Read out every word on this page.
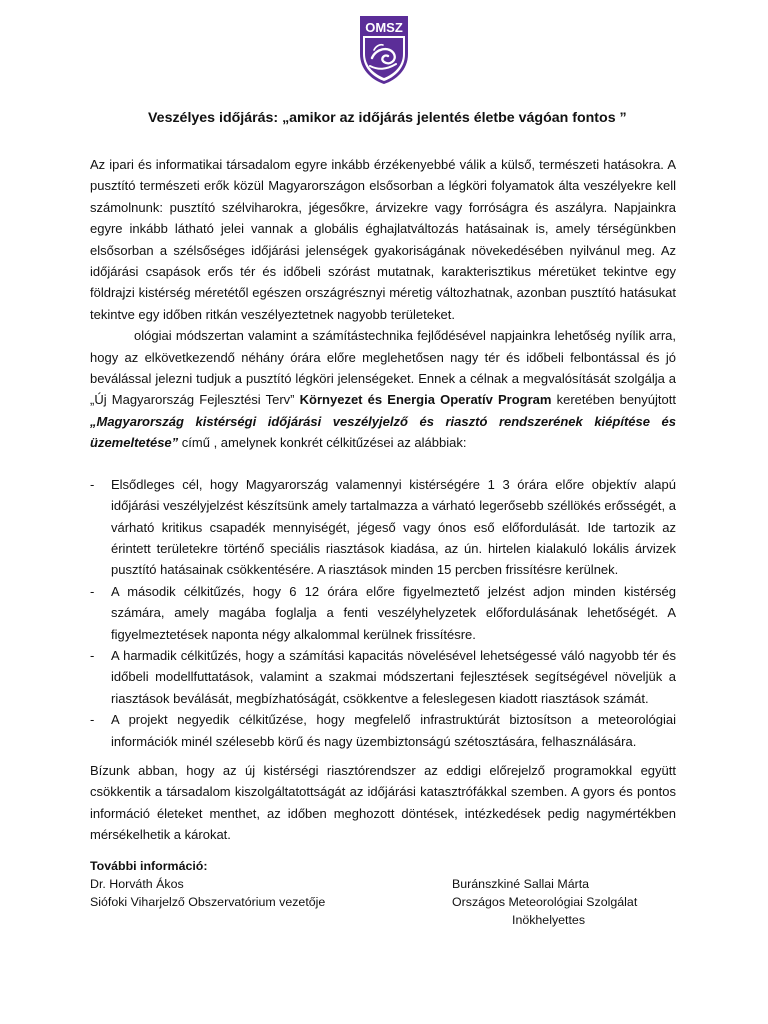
OMSZ
Veszélyes időjárás: „amikor az időjárás jelentés életbe vágóan fontos ”

Az ipari és informatikai társadalom egyre inkább érzékenyebbé válik a külső, természeti hatásokra. A pusztító természeti erők közül Magyarországon elsősorban a légköri folyamatok álta veszélyekre kell számolnunk: pusztító szélviharokra, jégesőkre, árvizekre vagy forróságra és aszályra. Napjainkra egyre inkább látható jelei vannak a globális éghajlatváltozás hatásainak is, amely térségünkben elsősorban a szélsőséges időjárási jelenségek gyakoriságának növekedésében nyilvánul meg. Az időjárási csapások erős tér és időbeli szórást mutatnak, karakterisztikus méretüket tekintve egy földrajzi kistérség méretétől egészen országrésznyi méretig változhatnak, azonban pusztító hatásukat tekintve egy időben ritkán veszélyeztetnek nagyobb területeket.

ológiai módszertan valamint a számítástechnika fejlődésével napjainkra lehetőség nyílik arra, hogy az elkövetkezendő néhány órára előre meglehetősen nagy tér és időbeli felbontással és jó beválással jelezni tudjuk a pusztító légköri jelenségeket. Ennek a célnak a megvalósítását szolgálja a „Új Magyarország Fejlesztési Terv” Környezet és Energia Operatív Program keretében benyújtott „Magyarország kistérségi időjárási veszélyjelző és riasztó rendszerének kiépítése és üzemeltetése” című , amelynek konkrét célkitűzései az alábbiak:

- Elsődleges cél, hogy Magyarország valamennyi kistérségére 1 3 órára előre objektív alapú időjárási veszélyjelzést készítsünk amely tartalmazza a várható legerősebb széllökés erősségét, a várható kritikus csapadék mennyiségét, jégeső vagy ónos eső előfordulását. Ide tartozik az érintett területekre történő speciális riasztások kiadása, az ún. hirtelen kialakuló lokális árvizek pusztító hatásainak csökkentésére. A riasztások minden 15 percben frissítésre kerülnek.
- A második célkitűzés, hogy 6 12 órára előre figyelmeztető jelzést adjon minden kistérség számára, amely magába foglalja a fenti veszélyhelyzetek előfordulásának lehetőségét. A figyelmeztetések naponta négy alkalommal kerülnek frissítésre.
- A harmadik célkitűzés, hogy a számítási kapacitás növelésével lehetségessé váló nagyobb tér és időbeli modellfuttatások, valamint a szakmai módszertani fejlesztések segítségével növeljük a riasztások beválását, megbízhatóságát, csökkentve a feleslegesen kiadott riasztások számát.
- A projekt negyedik célkitűzése, hogy megfelelő infrastruktúrát biztosítson a meteorológiai információk minél szélesebb körű és nagy üzembiztonságú szétosztására, felhasználására.

Bízunk abban, hogy az új kistérségi riasztórendszer az eddigi előrejelző programokkal együtt csökkentik a társadalom kiszolgáltatottságát az időjárási katasztrófákkal szemben. A gyors és pontos információ életeket menthet, az időben meghozott döntések, intézkedések pedig nagymértékben mérsékelhetik a károkat.

További információ:
Dr. Horváth Ákos
Siófoki Viharjelző Obszervatórium vezetője
Buránszkiné Sallai Márta
Országos Meteorológiai Szolgálat
Inökhelyettes
